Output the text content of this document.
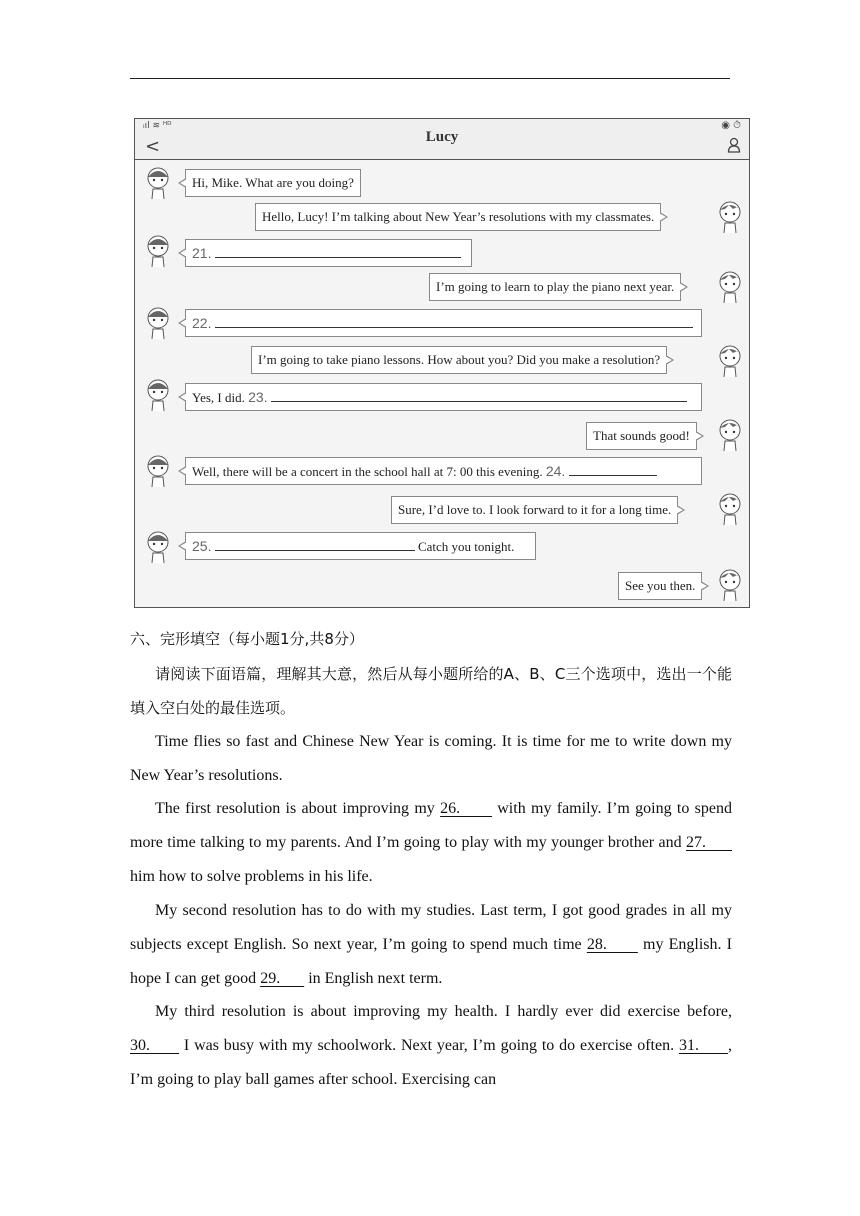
ᵢıl ≋ ᴴᴰ	◉ ⏱
<	Lucy
Hi, Mike. What are you doing?
Hello, Lucy! I’m talking about New Year’s resolutions with my classmates.
21.
I’m going to learn to play the piano next year.
22.
I’m going to take piano lessons. How about you? Did you make a resolution?
Yes, I did. 23.
That sounds good!
Well, there will be a concert in the school hall at 7: 00 this evening. 24.
Sure, I’d love to. I look forward to it for a long time.
25.	Catch you tonight.
See you then.
六、完形填空（每小题1分,共8分）
请阅读下面语篇，理解其大意，然后从每小题所给的A、B、C三个选项中，选出一个能填入空白处的最佳选项。
Time flies so fast and Chinese New Year is coming. It is time for me to write down my New Year’s resolutions.
The first resolution is about improving my 26.       with my family. I’m going to spend more time talking to my parents. And I’m going to play with my younger brother and 27.       him how to solve problems in his life.
My second resolution has to do with my studies. Last term, I got good grades in all my subjects except English. So next year, I’m going to spend much time 28.       my English. I hope I can get good 29.       in English next term.
My third resolution is about improving my health. I hardly ever did exercise before, 30.       I was busy with my schoolwork. Next year, I’m going to do exercise often. 31.      , I’m going to play ball games after school. Exercising can
